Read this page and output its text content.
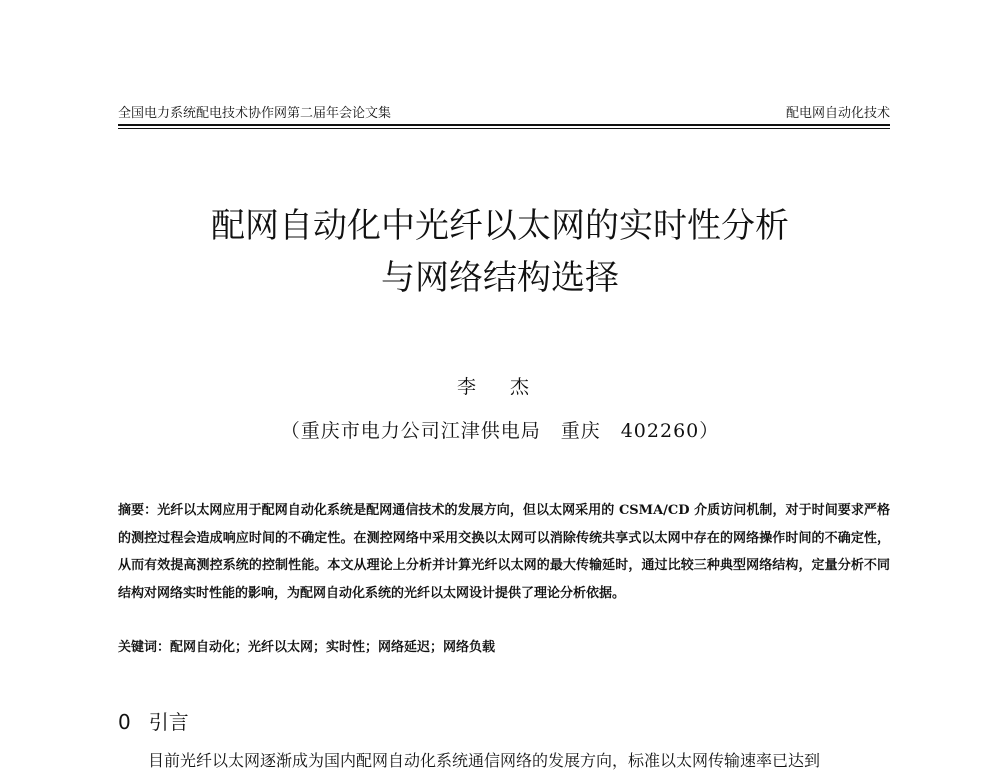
全国电力系统配电技术协作网第二届年会论文集	配电网自动化技术
配网自动化中光纤以太网的实时性分析
与网络结构选择
李 杰
（重庆市电力公司江津供电局　重庆　402260）
摘要：光纤以太网应用于配网自动化系统是配网通信技术的发展方向，但以太网采用的 CSMA/CD 介质访问机制，对于时间要求严格的测控过程会造成响应时间的不确定性。在测控网络中采用交换以太网可以消除传统共享式以太网中存在的网络操作时间的不确定性，从而有效提高测控系统的控制性能。本文从理论上分析并计算光纤以太网的最大传输延时，通过比较三种典型网络结构，定量分析不同结构对网络实时性能的影响，为配网自动化系统的光纤以太网设计提供了理论分析依据。
关键词：配网自动化；光纤以太网；实时性；网络延迟；网络负载
0 引言
目前光纤以太网逐渐成为国内配网自动化系统通信网络的发展方向，标准以太网传输速率已达到
